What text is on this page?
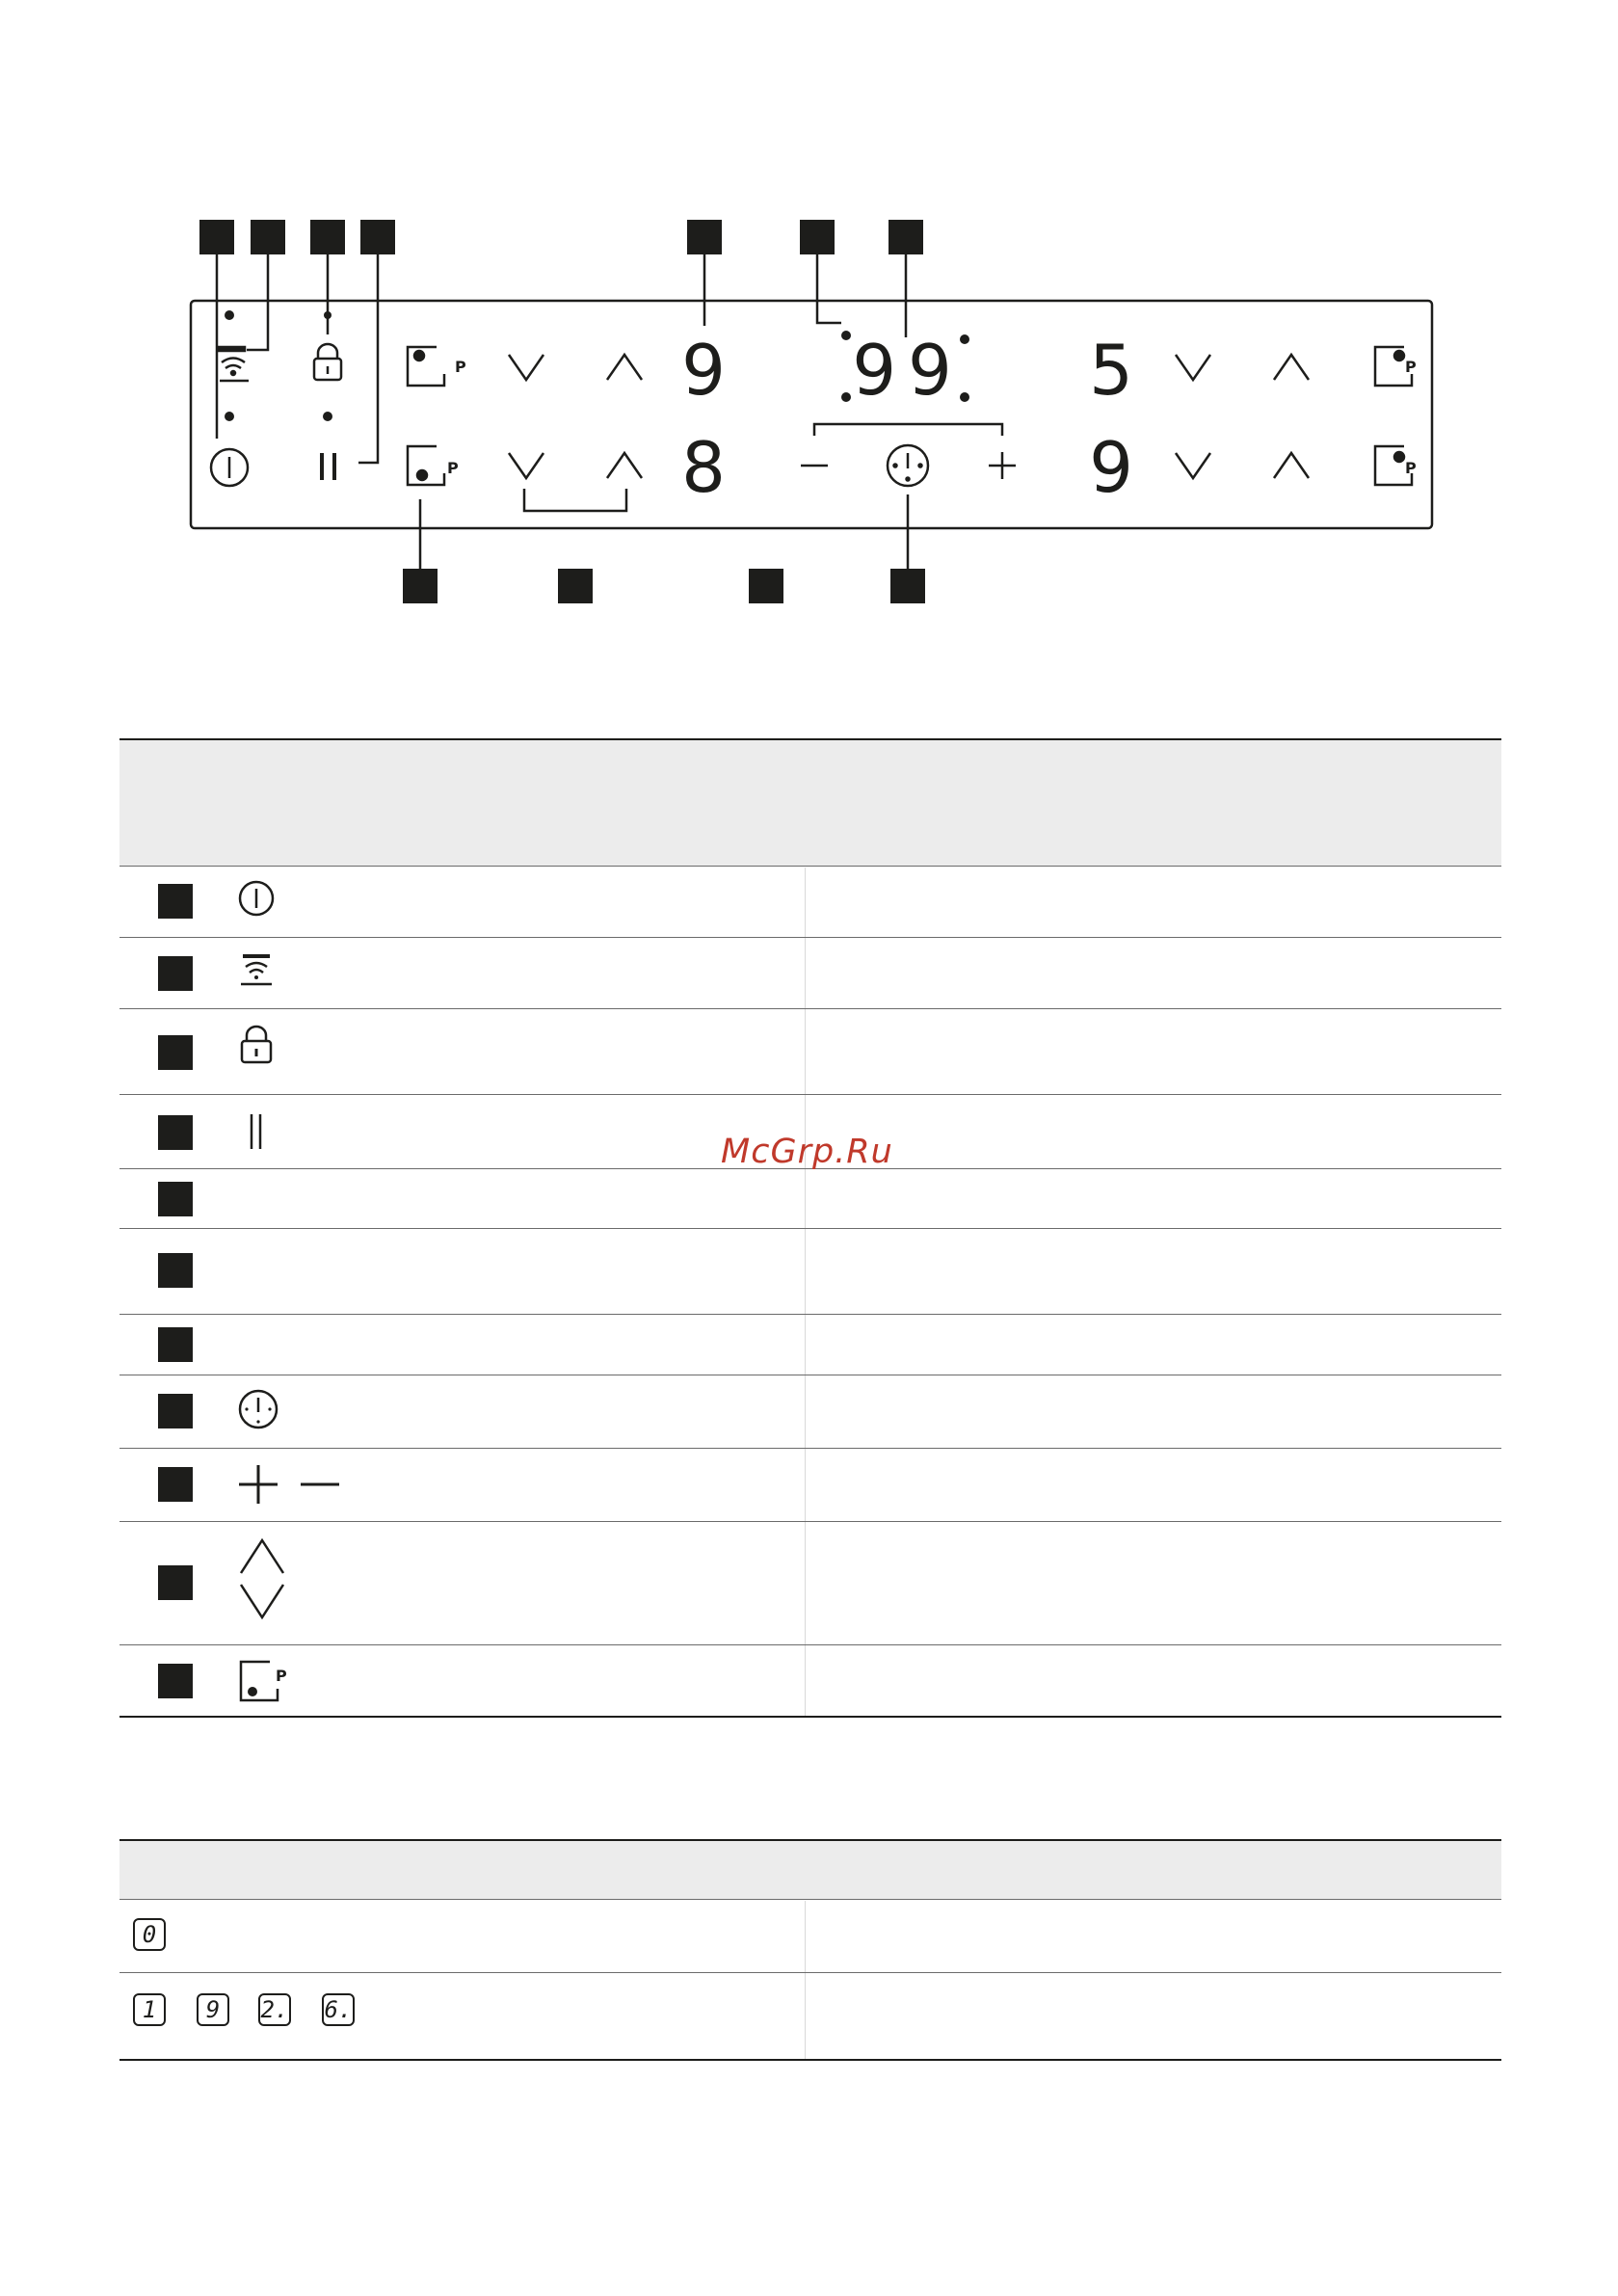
P
P
P
P
9
8
99 5
9
P
McGrp.Ru
0
1	9	2. 6.
